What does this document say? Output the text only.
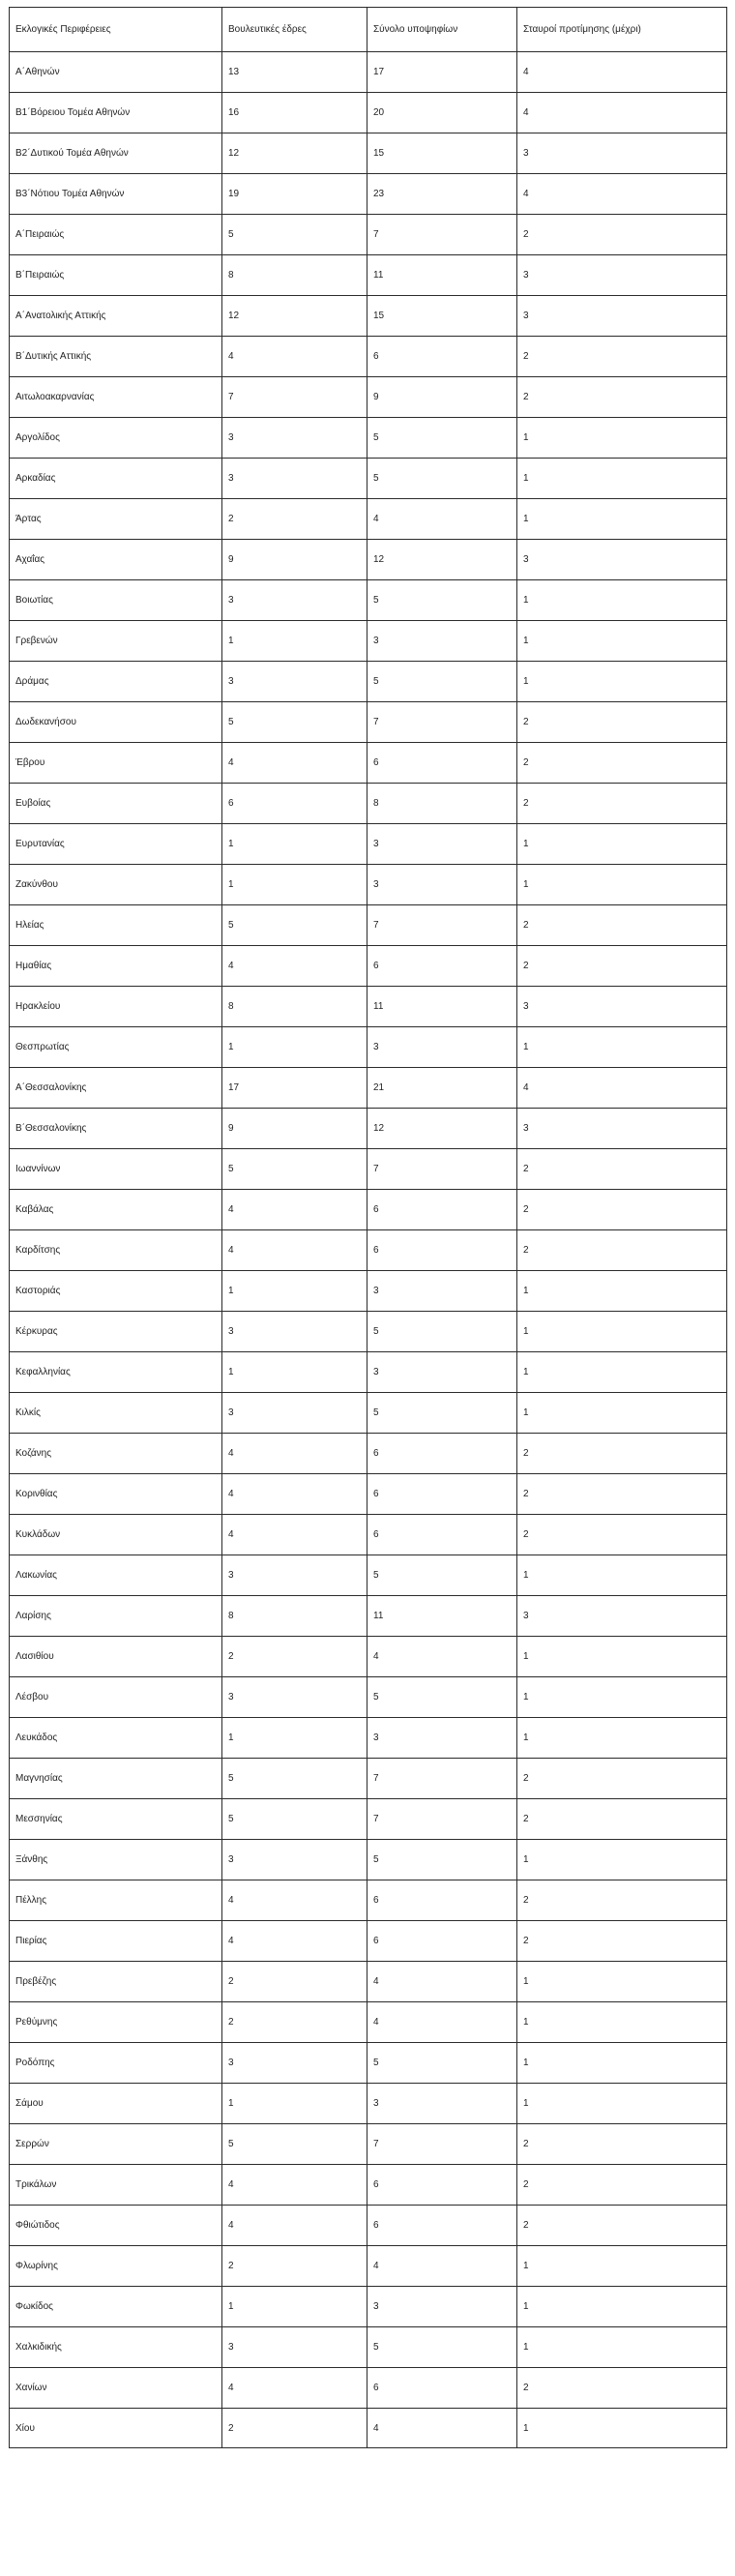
Εκλογικές Περιφέρειες	Βουλευτικές έδρες	Σύνολο υποψηφίων	Σταυροί προτίμησης (μέχρι)
Α΄Αθηνών	13	17	4
Β1΄Βόρειου Τομέα Αθηνών	16	20	4
Β2΄Δυτικού Τομέα Αθηνών	12	15	3
Β3΄Νότιου Τομέα Αθηνών	19	23	4
Α΄Πειραιώς	5	7	2
Β΄Πειραιώς	8	11	3
Α΄Ανατολικής Αττικής	12	15	3
Β΄Δυτικής Αττικής	4	6	2
Αιτωλοακαρνανίας	7	9	2
Αργολίδος	3	5	1
Αρκαδίας	3	5	1
Άρτας	2	4	1
Αχαΐας	9	12	3
Βοιωτίας	3	5	1
Γρεβενών	1	3	1
Δράμας	3	5	1
Δωδεκανήσου	5	7	2
Έβρου	4	6	2
Ευβοίας	6	8	2
Ευρυτανίας	1	3	1
Ζακύνθου	1	3	1
Ηλείας	5	7	2
Ημαθίας	4	6	2
Ηρακλείου	8	11	3
Θεσπρωτίας	1	3	1
Α΄Θεσσαλονίκης	17	21	4
Β΄Θεσσαλονίκης	9	12	3
Ιωαννίνων	5	7	2
Καβάλας	4	6	2
Καρδίτσης	4	6	2
Καστοριάς	1	3	1
Κέρκυρας	3	5	1
Κεφαλληνίας	1	3	1
Κιλκίς	3	5	1
Κοζάνης	4	6	2
Κορινθίας	4	6	2
Κυκλάδων	4	6	2
Λακωνίας	3	5	1
Λαρίσης	8	11	3
Λασιθίου	2	4	1
Λέσβου	3	5	1
Λευκάδος	1	3	1
Μαγνησίας	5	7	2
Μεσσηνίας	5	7	2
Ξάνθης	3	5	1
Πέλλης	4	6	2
Πιερίας	4	6	2
Πρεβέζης	2	4	1
Ρεθύμνης	2	4	1
Ροδόπης	3	5	1
Σάμου	1	3	1
Σερρών	5	7	2
Τρικάλων	4	6	2
Φθιώτιδος	4	6	2
Φλωρίνης	2	4	1
Φωκίδος	1	3	1
Χαλκιδικής	3	5	1
Χανίων	4	6	2
Χίου	2	4	1
